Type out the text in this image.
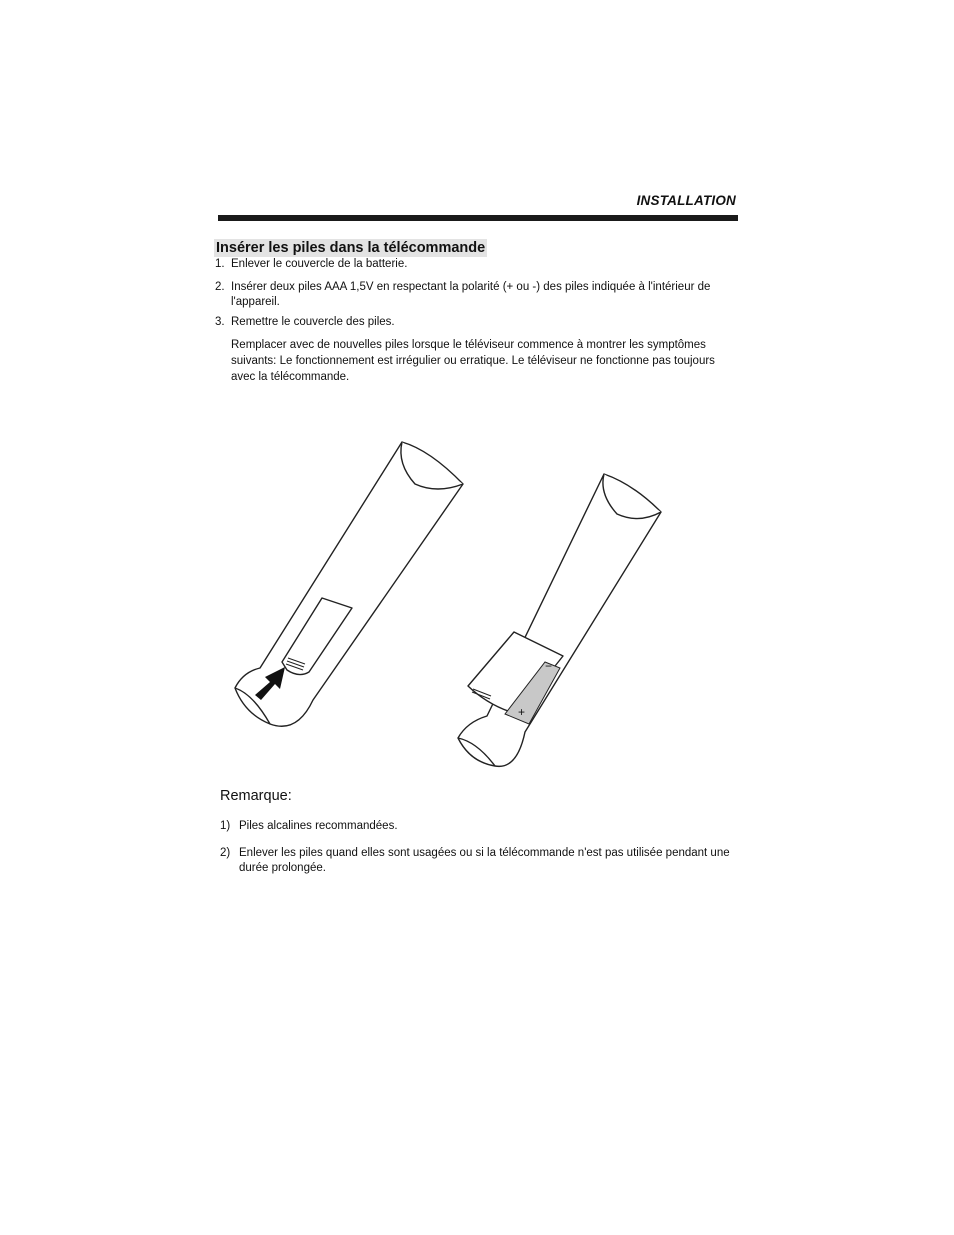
INSTALLATION
Insérer les piles dans la télécommande
1. Enlever le couvercle de la batterie.
2. Insérer deux piles AAA 1,5V en respectant la polarité (+ ou -) des piles indiquée à l'intérieur de l'appareil.
3. Remettre le couvercle des piles.
Remplacer avec de nouvelles piles lorsque le téléviseur commence à montrer les symptômes suivants: Le fonctionnement est irrégulier ou erratique. Le téléviseur ne fonctionne pas toujours avec la télécommande.
−
+
Remarque:
1) Piles alcalines recommandées.
2) Enlever les piles quand elles sont usagées ou si la télécommande n'est pas utilisée pendant une durée prolongée.
